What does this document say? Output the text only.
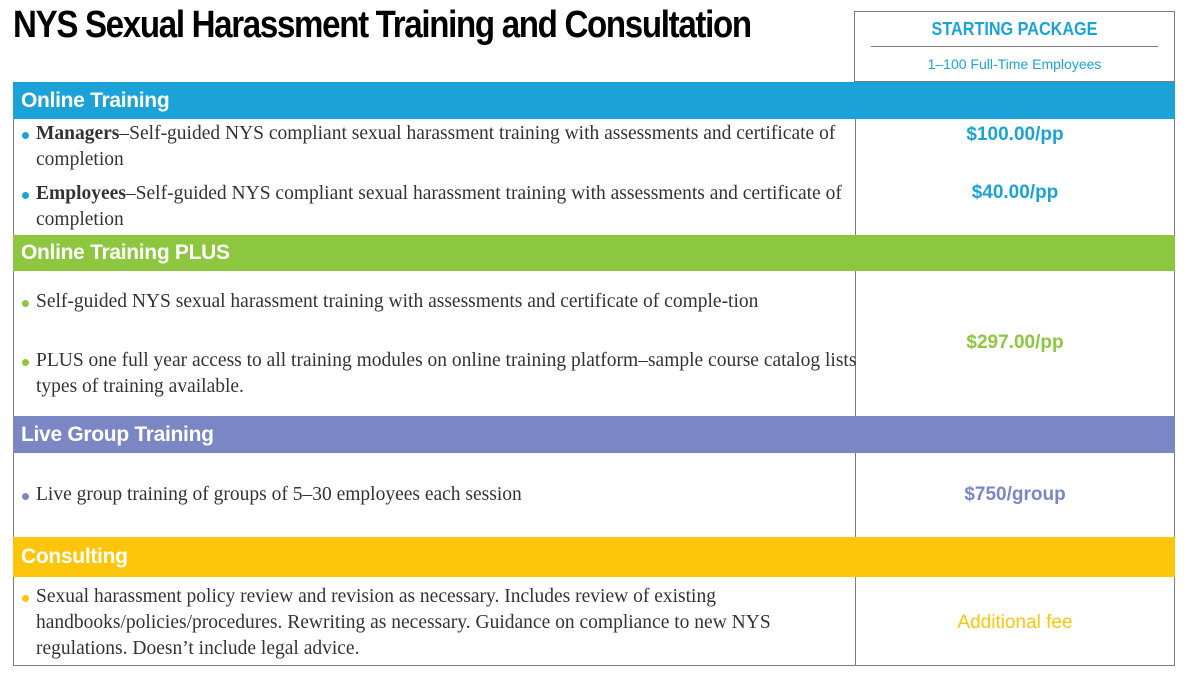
NYS Sexual Harassment Training and Consultation	STARTING PACKAGE
1–100 Full-Time Employees
Online Training
Managers–Self-guided NYS compliant sexual harassment training with assessments and certificate of completion
$100.00/pp
Employees–Self-guided NYS compliant sexual harassment training with assessments and certificate of completion
$40.00/pp
Online Training PLUS
Self-guided NYS sexual harassment training with assessments and certificate of comple-tion
PLUS one full year access to all training modules on online training platform–sample course catalog lists types of training available.
$297.00/pp
Live Group Training
Live group training of groups of 5–30 employees each session	$750/group
Consulting
Sexual harassment policy review and revision as necessary. Includes review of existing handbooks/policies/procedures. Rewriting as necessary. Guidance on compliance to new NYS regulations. Doesn’t include legal advice.
Additional fee
